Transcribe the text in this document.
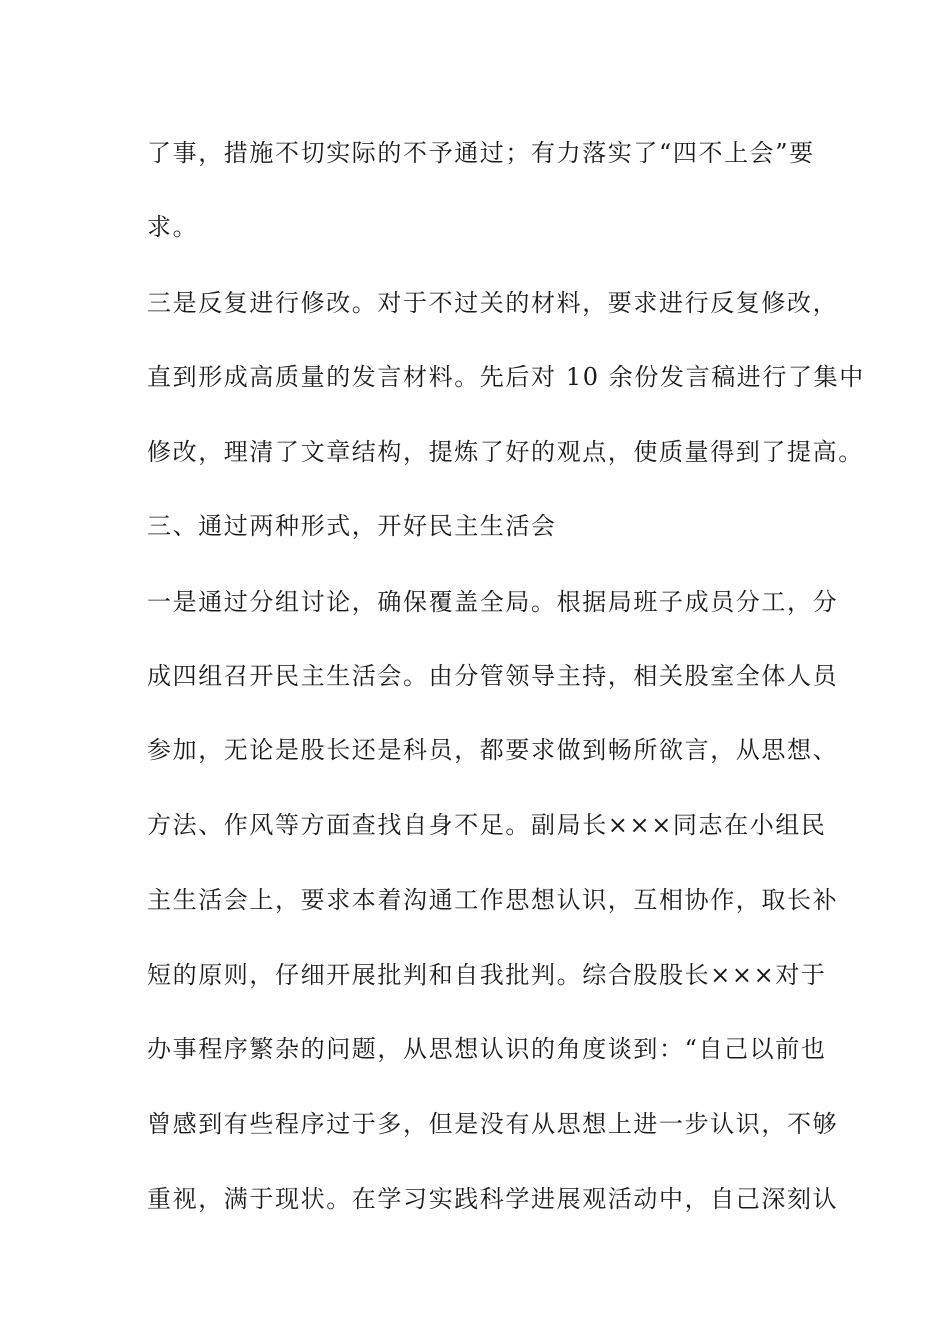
了事，措施不切实际的不予通过；有力落实了“四不上会”要
求。
三是反复进行修改。对于不过关的材料，要求进行反复修改，
直到形成高质量的发言材料。先后对 10 余份发言稿进行了集中
修改，理清了文章结构，提炼了好的观点，使质量得到了提高。
三、通过两种形式，开好民主生活会
一是通过分组讨论，确保覆盖全局。根据局班子成员分工，分
成四组召开民主生活会。由分管领导主持，相关股室全体人员
参加，无论是股长还是科员，都要求做到畅所欲言，从思想、
方法、作风等方面查找自身不足。副局长×××同志在小组民
主生活会上，要求本着沟通工作思想认识，互相协作，取长补
短的原则，仔细开展批判和自我批判。综合股股长×××对于
办事程序繁杂的问题，从思想认识的角度谈到：“自己以前也
曾感到有些程序过于多，但是没有从思想上进一步认识，不够
重视，满于现状。在学习实践科学进展观活动中，自己深刻认
